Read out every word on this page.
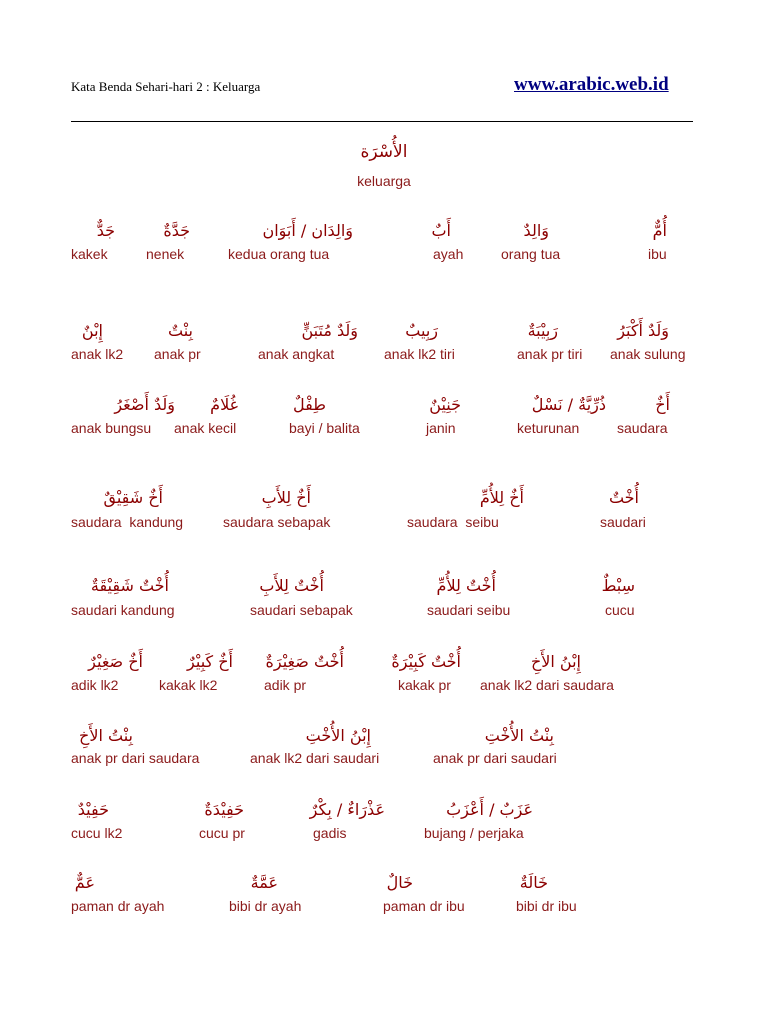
Kata Benda Sehari-hari 2 : Keluarga	www.arabic.web.id
الأُسْرَة
keluarga
جَدٌّ
kakek
جَدَّةٌ
nenek
وَالِدَان / أَبَوَان
kedua orang tua
أَبٌ
ayah
وَالِدٌ
orang tua
أُمٌّ
ibu
إِبْنٌ
anak lk2
بِنْتٌ
anak pr
وَلَدٌ مُتَبَنٍّ
anak angkat
رَبِيبٌ
anak lk2 tiri
رَبِيْبَةٌ
anak pr tiri
وَلَدٌ أَكْبَرُ
anak sulung
وَلَدٌ أَصْغَرُ
anak bungsu
غُلَامٌ
anak kecil
طِفْلٌ
bayi / balita
جَنِيْنٌ
janin
ذُرِّيَّةٌ / نَسْلٌ
keturunan
أَخٌ
saudara
أَخٌ شَقِيْقٌ
saudara  kandung
أَخٌ لِلأَبِ
saudara sebapak
أَخٌ لِلأُمِّ
saudara  seibu
أُخْتٌ
saudari
أُخْتٌ شَقِيْقَةٌ
saudari kandung
أُخْتٌ لِلأَبِ
saudari sebapak
أُخْتٌ لِلأُمِّ
saudari seibu
سِبْطٌ
cucu
أَخٌ صَغِيْرٌ
adik lk2
أَخٌ كَبِيْرٌ
kakak lk2
أُخْتٌ صَغِيْرَةٌ
adik pr
أُخْتٌ كَبِيْرَةٌ
kakak pr
إِبْنُ الأَخِ
anak lk2 dari saudara
بِنْتُ الأَخِ
anak pr dari saudara
إِبْنُ الأُخْتِ
anak lk2 dari saudari
بِنْتُ الأُخْتِ
anak pr dari saudari
حَفِيْدٌ
cucu lk2
حَفِيْدَةٌ
cucu pr
عَذْرَاءٌ / بِكْرٌ
gadis
عَزَبٌ / أَعْزَبُ
bujang / perjaka
عَمٌّ
paman dr ayah
عَمَّةٌ
bibi dr ayah
خَالٌ
paman dr ibu
خَالَةٌ
bibi dr ibu
